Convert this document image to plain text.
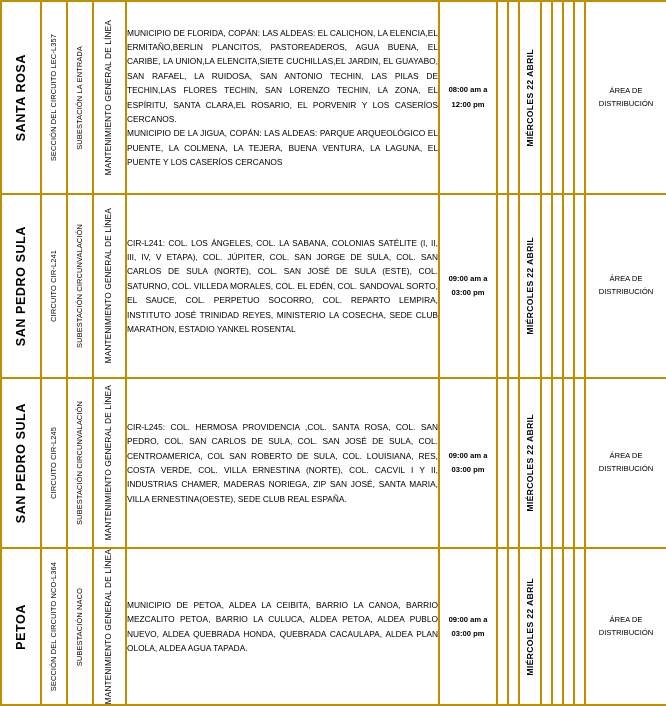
SANTA ROSA	SECCIÓN DEL CIRCUITO LEC-L357	SUBESTACIÓN LA ENTRADA	MANTENIMIENTO GENERAL DE LÍNEA	MUNICIPIO DE FLORIDA, COPÁN: LAS ALDEAS: EL CALICHON, LA ELENCIA,EL ERMITAÑO,BERLIN PLANCITOS, PASTOREADEROS, AGUA BUENA, EL CARIBE, LA UNION,LA ELENCITA,SIETE CUCHILLAS,EL JARDIN, EL GUAYABO, SAN RAFAEL, LA RUIDOSA, SAN ANTONIO TECHIN, LAS PILAS DE TECHIN,LAS FLORES TECHIN, SAN LORENZO TECHIN, LA ZONA, EL ESPÍRITU, SANTA CLARA,EL ROSARIO, EL PORVENIR Y LOS CASERÍOS CERCANOS.

MUNICIPIO DE LA JIGUA, COPÁN: LAS ALDEAS: PARQUE ARQUEOLÓGICO EL PUENTE, LA COLMENA, LA TEJERA, BUENA VENTURA, LA LAGUNA, EL PUENTE Y LOS CASERÍOS CERCANOS

08:00 am a
12:00 pm			MIÉRCOLES 22 ABRIL					ÁREA DE
DISTRIBUCIÓN

SAN PEDRO SULA	CIRCUITO CIR-L241	SUBESTACIÓN CIRCUNVALACIÓN	MANTENIMIENTO GENERAL DE LÍNEA	CIR-L241: COL. LOS ÁNGELES, COL. LA SABANA, COLONIAS SATÉLITE (I, II, III, IV, V ETAPA), COL. JÚPITER, COL. SAN JORGE DE SULA, COL. SAN CARLOS DE SULA (NORTE), COL. SAN JOSÉ DE SULA (ESTE), COL. SATURNO, COL. VILLEDA MORALES, COL. EL EDÉN, COL. SANDOVAL SORTO, EL SAUCE, COL. PERPETUO SOCORRO, COL. REPARTO LEMPIRA, INSTITUTO JOSÉ TRINIDAD REYES, MINISTERIO LA COSECHA, SEDE CLUB MARATHON, ESTADIO YANKEL ROSENTAL

09:00 am a
03:00 pm			MIÉRCOLES 22 ABRIL					ÁREA DE
DISTRIBUCIÓN

SAN PEDRO SULA	CIRCUITO CIR-L245	SUBESTACIÓN CIRCUNVALACIÓN	MANTENIMIENTO GENERAL DE LÍNEA	CIR-L245: COL. HERMOSA PROVIDENCIA ,COL. SANTA ROSA, COL. SAN PEDRO, COL. SAN CARLOS DE SULA, COL. SAN JOSÉ DE SULA, COL. CENTROAMERICA, COL SAN ROBERTO DE SULA, COL. LOUISIANA, RES, COSTA VERDE, COL. VILLA ERNESTINA (NORTE), COL. CACVIL I Y II, INDUSTRIAS CHAMER, MADERAS NORIEGA, ZIP SAN JOSÉ, SANTA MARIA, VILLA ERNESTINA(OESTE), SEDE CLUB REAL ESPAÑA.

09:00 am a
03:00 pm			MIÉRCOLES 22 ABRIL					ÁREA DE
DISTRIBUCIÓN

PETOA	SECCIÓN DEL CIRCUITO NCO-L364	SUBESTACIÓN NACO	MANTENIMIENTO GENERAL DE LÍNEA	MUNICIPIO DE PETOA, ALDEA LA CEIBITA, BARRIO LA CANOA, BARRIO MEZCALITO PETOA, BARRIO LA CULUCA, ALDEA PETOA, ALDEA PUBLO NUEVO, ALDEA QUEBRADA HONDA, QUEBRADA CACAULAPA, ALDEA PLAN OLOLA, ALDEA AGUA TAPADA.

09:00 am a
03:00 pm			MIÉRCOLES 22 ABRIL					ÁREA DE
DISTRIBUCIÓN
